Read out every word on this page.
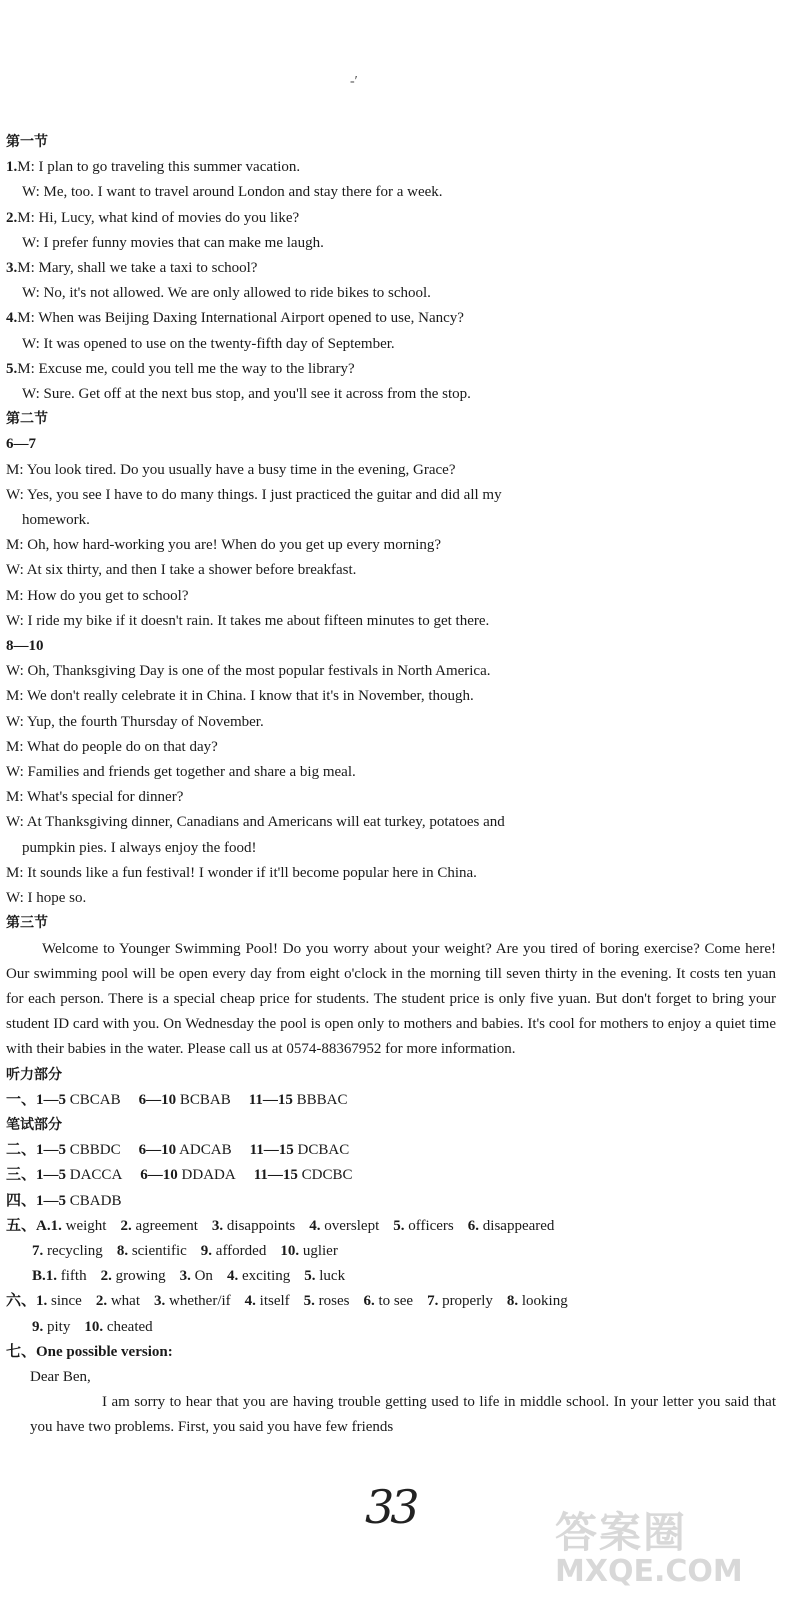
-′
第一节
1.M: I plan to go traveling this summer vacation.
W: Me, too. I want to travel around London and stay there for a week.
2.M: Hi, Lucy, what kind of movies do you like?
W: I prefer funny movies that can make me laugh.
3.M: Mary, shall we take a taxi to school?
W: No, it's not allowed. We are only allowed to ride bikes to school.
4.M: When was Beijing Daxing International Airport opened to use, Nancy?
W: It was opened to use on the twenty-fifth day of September.
5.M: Excuse me, could you tell me the way to the library?
W: Sure. Get off at the next bus stop, and you'll see it across from the stop.
第二节
6—7
M: You look tired. Do you usually have a busy time in the evening, Grace?
W: Yes, you see I have to do many things. I just practiced the guitar and did all my
homework.
M: Oh, how hard-working you are! When do you get up every morning?
W: At six thirty, and then I take a shower before breakfast.
M: How do you get to school?
W: I ride my bike if it doesn't rain. It takes me about fifteen minutes to get there.
8—10
W: Oh, Thanksgiving Day is one of the most popular festivals in North America.
M: We don't really celebrate it in China. I know that it's in November, though.
W: Yup, the fourth Thursday of November.
M: What do people do on that day?
W: Families and friends get together and share a big meal.
M: What's special for dinner?
W: At Thanksgiving dinner, Canadians and Americans will eat turkey, potatoes and
pumpkin pies. I always enjoy the food!
M: It sounds like a fun festival! I wonder if it'll become popular here in China.
W: I hope so.
第三节
Welcome to Younger Swimming Pool! Do you worry about your weight? Are you tired of boring exercise? Come here! Our swimming pool will be open every day from eight o'clock in the morning till seven thirty in the evening. It costs ten yuan for each person. There is a special cheap price for students. The student price is only five yuan. But don't forget to bring your student ID card with you. On Wednesday the pool is open only to mothers and babies. It's cool for mothers to enjoy a quiet time with their babies in the water. Please call us at 0574-88367952 for more information.
听力部分
一、1—5 CBCAB 6—10 BCBAB 11—15 BBBAC
笔试部分
二、1—5 CBBDC 6—10 ADCAB 11—15 DCBAC
三、1—5 DACCA 6—10 DDADA 11—15 CDCBC
四、1—5 CBADB
五、A.1. weight 2. agreement 3. disappoints 4. overslept 5. officers 6. disappeared
7. recycling 8. scientific 9. afforded 10. uglier
B.1. fifth 2. growing 3. On 4. exciting 5. luck
六、1. since 2. what 3. whether/if 4. itself 5. roses 6. to see 7. properly 8. looking
9. pity 10. cheated
七、One possible version:
Dear Ben,
I am sorry to hear that you are having trouble getting used to life in middle school. In your letter you said that you have two problems. First, you said you have few friends
33	答案圈
MXQE.COM
